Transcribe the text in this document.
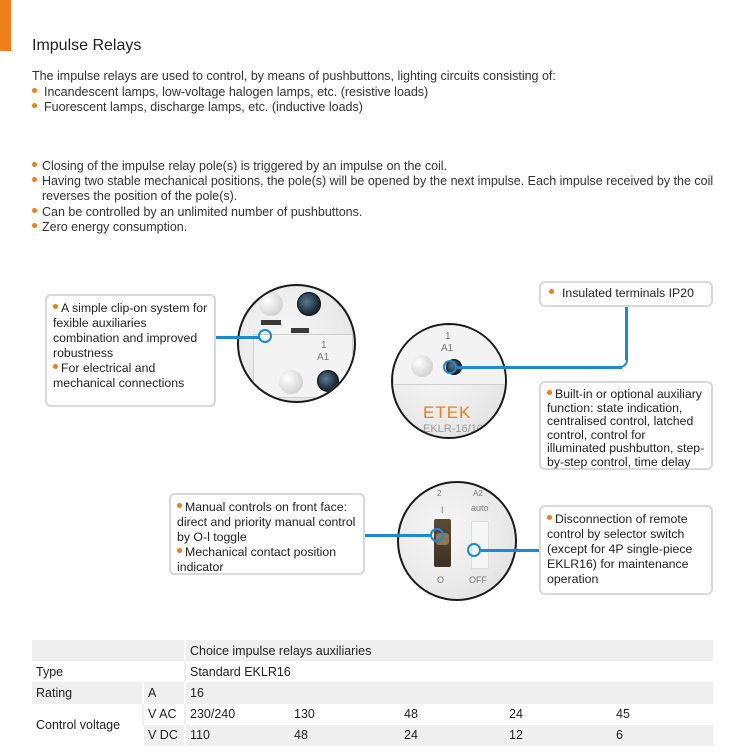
Impulse Relays
The impulse relays are used to control, by means of pushbuttons, lighting circuits consisting of:
Incandescent lamps, low-voltage halogen lamps, etc. (resistive loads)
Fuorescent lamps, discharge lamps, etc. (inductive loads)
Closing of the impulse relay pole(s) is triggered by an impulse on the coil.
Having two stable mechanical positions, the pole(s) will be opened by the next impulse. Each impulse received by the coil reverses the position of the pole(s).
Can be controlled by an unlimited number of pushbuttons.
Zero energy consumption.
1
A1
A simple clip-on system for fexible auxiliaries combination and improved robustness
For electrical and mechanical connections
1
A1
ETEK
EKLR-16/10
Insulated terminals IP20
Built-in or optional auxiliary function: state indication, centralised control, latched control, control for illuminated pushbutton, step-by-step control, time delay
2	A2
I	auto
O	OFF
Manual controls on front face: direct and priority manual control by O-l toggle
Mechanical contact position indicator
Disconnection of remote control by selector switch (except for 4P single-piece EKLR16) for maintenance operation
		Choice impulse relays auxiliaries				
Type		Standard EKLR16				
Rating	A	16				
Control voltage	V AC	230/240	130	48	24	45
	V DC	110	48	24	12	6
